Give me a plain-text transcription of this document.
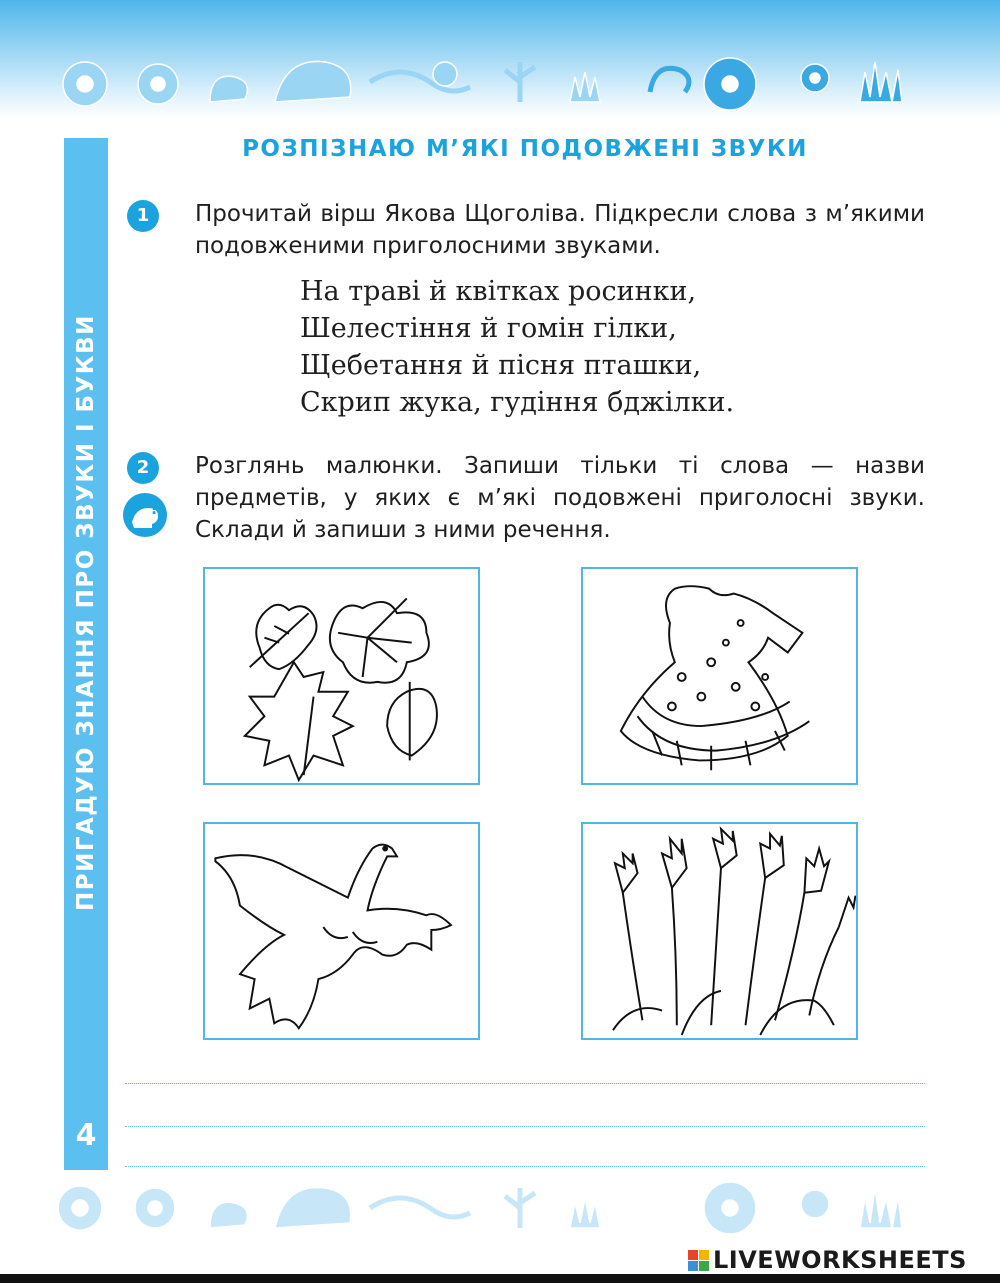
ПРИГАДУЮ ЗНАННЯ ПРО ЗВУКИ І БУКВИ
4
РОЗПІЗНАЮ М’ЯКІ ПОДОВЖЕНІ ЗВУКИ
1	Прочитай вірш Якова Щоголіва. Підкресли слова з м’якими подовженими приголосними звуками.
На траві й квітках росинки,
Шелестіння й гомін гілки,
Щебетання й пісня пташки,
Скрип жука, гудіння бджілки.
2
?
Розглянь малюнки. Запиши тільки ті слова — назви предметів, у яких є м’які подовжені приголосні звуки. Склади й запиши з ними речення.
LIVEWORKSHEETS
